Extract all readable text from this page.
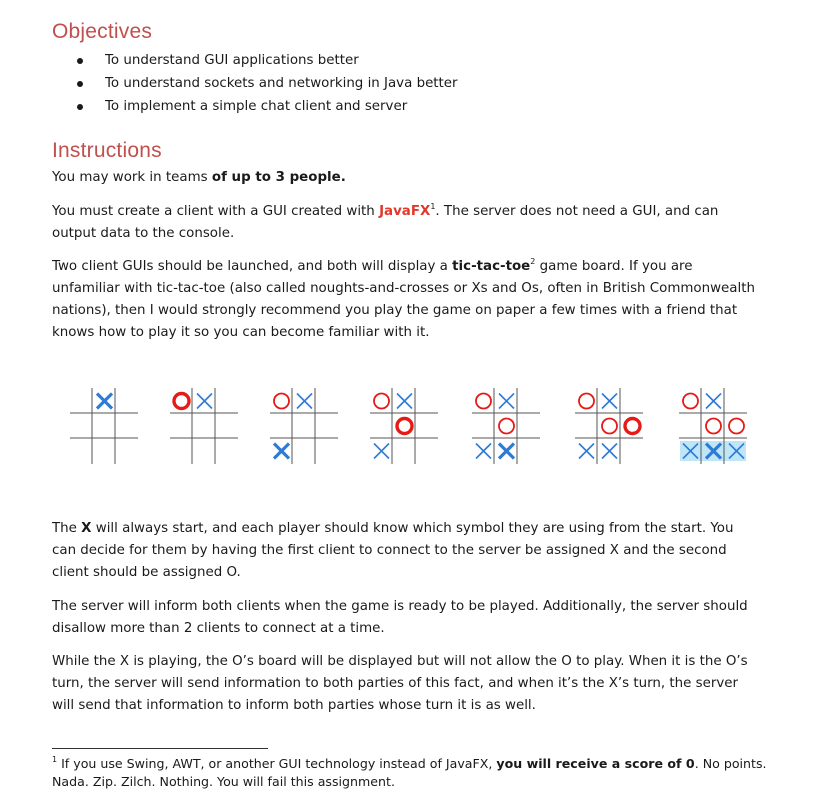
Objectives
To understand GUI applications better
To understand sockets and networking in Java better
To implement a simple chat client and server
Instructions

You may work in teams of up to 3 people.

You must create a client with a GUI created with JavaFX$^1$. The server does not need a GUI, and can
output data to the console.

Two client GUIs should be launched, and both will display a tic-tac-toe$^2$ game board. If you are
unfamiliar with tic-tac-toe (also called noughts-and-crosses or Xs and Os, often in British Commonwealth
nations), then I would strongly recommend you play the game on paper a few times with a friend that
knows how to play it so you can become familiar with it.

The X will always start, and each player should know which symbol they are using from the start. You
can decide for them by having the first client to connect to the server be assigned X and the second
client should be assigned O.

The server will inform both clients when the game is ready to be played. Additionally, the server should
disallow more than 2 clients to connect at a time.

While the X is playing, the O’s board will be displayed but will not allow the O to play. When it is the O’s
turn, the server will send information to both parties of this fact, and when it’s the X’s turn, the server
will send that information to inform both parties whose turn it is as well.

$^1$ If you use Swing, AWT, or another GUI technology instead of JavaFX, you will receive a score of 0. No points.
Nada. Zip. Zilch. Nothing. You will fail this assignment.
